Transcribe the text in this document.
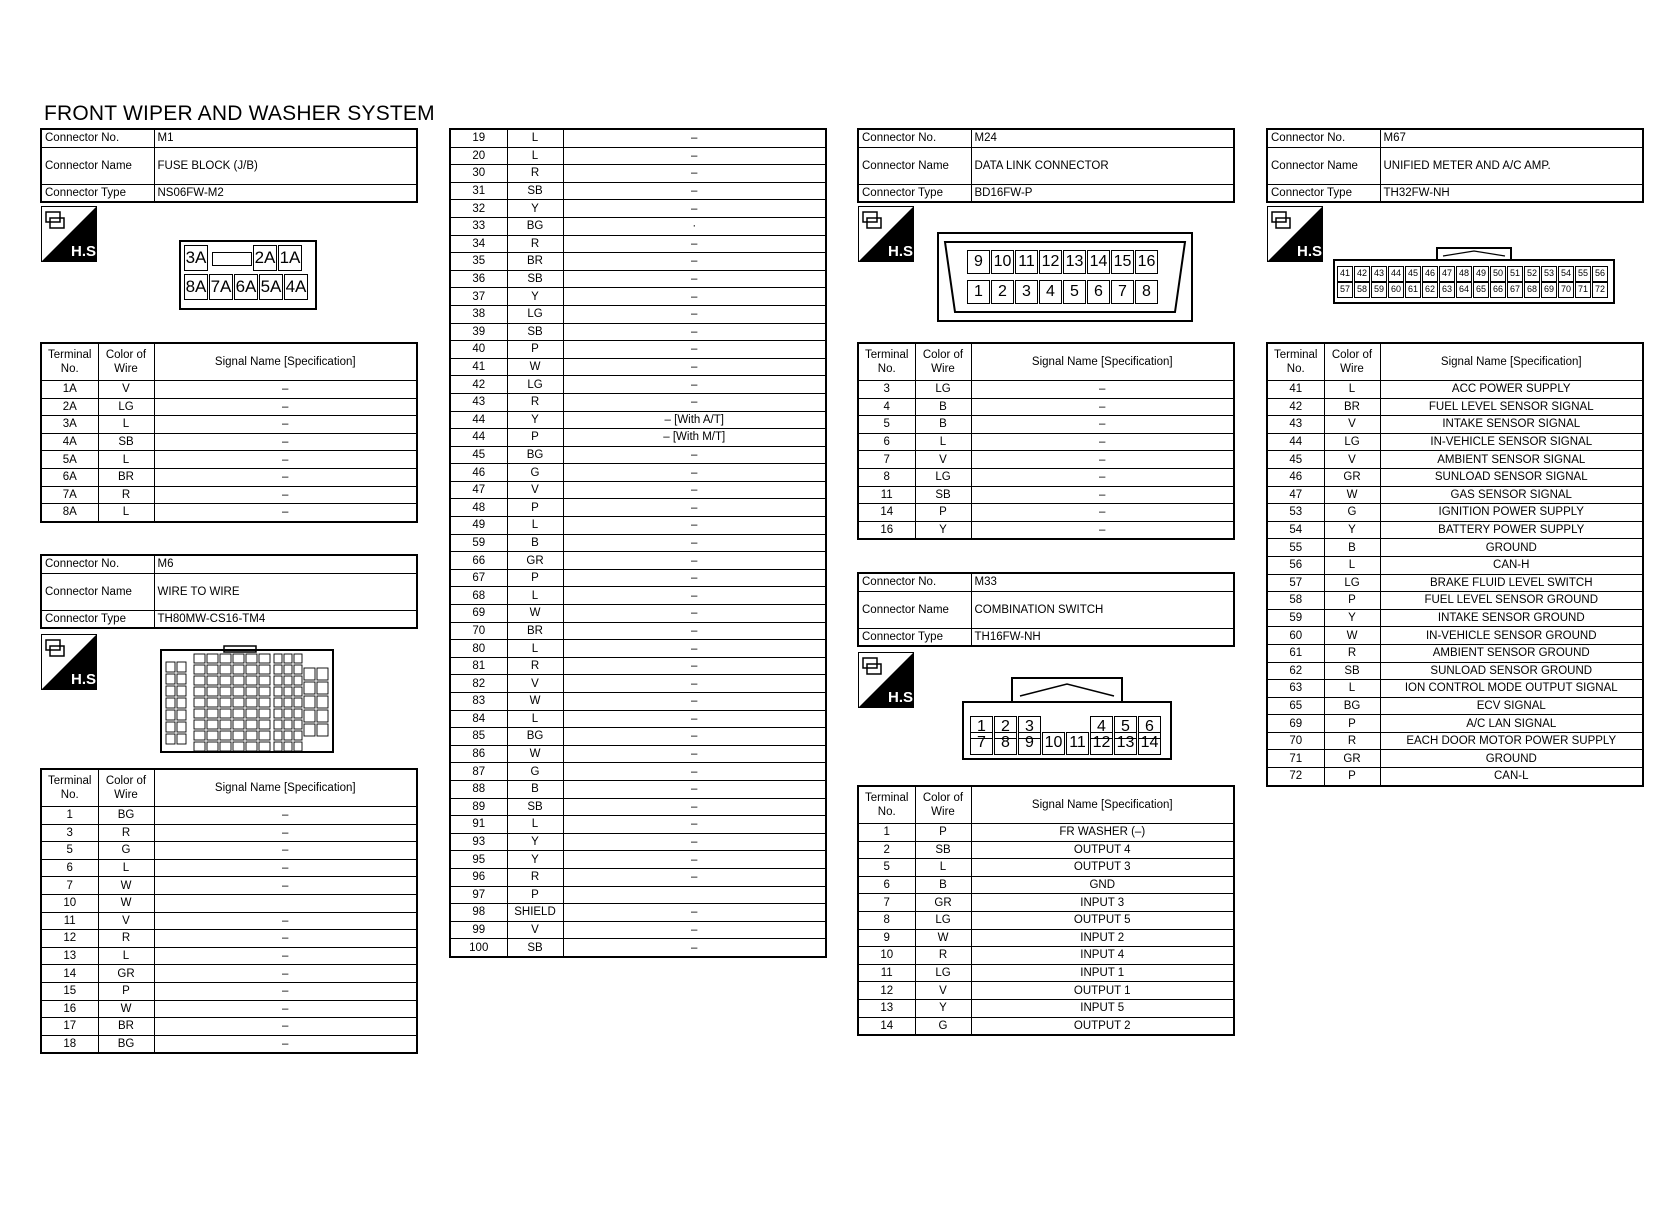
FRONT WIPER AND WASHER SYSTEM
Connector No.	M1
Connector Name	FUSE BLOCK (J/B)
Connector Type	NS06FW-M2
H.S.	3A	2A 1A
8A 7A 6A 5A 4A
Terminal No.	Color of Wire	Signal Name [Specification]
1A	V	–
2A	LG	–
3A	L	–
4A	SB	–
5A	L	–
6A	BR	–
7A	R	–
8A	L	–
Connector No.	M6
Connector Name	WIRE TO WIRE
Connector Type	TH80MW-CS16-TM4
H.S.
Terminal No.	Color of Wire	Signal Name [Specification]
1	BG	–
3	R	–
5	G	–
6	L	–
7	W	–
10	W	
11	V	–
12	R	–
13	L	–
14	GR	–
15	P	–
16	W	–
17	BR	–
18	BG	–
19	L	–
20	L	–
30	R	–
31	SB	–
32	Y	–
33	BG	·
34	R	–
35	BR	–
36	SB	–
37	Y	–
38	LG	–
39	SB	–
40	P	–
41	W	–
42	LG	–
43	R	–
44	Y	– [With A/T]
44	P	– [With M/T]
45	BG	–
46	G	–
47	V	–
48	P	–
49	L	–
59	B	–
66	GR	–
67	P	–
68	L	–
69	W	–
70	BR	–
80	L	–
81	R	–
82	V	–
83	W	–
84	L	–
85	BG	–
86	W	–
87	G	–
88	B	–
89	SB	–
91	L	–
93	Y	–
95	Y	–
96	R	–
97	P	
98	SHIELD	–
99	V	–
100	SB	–
Connector No.	M24
Connector Name	DATA LINK CONNECTOR
Connector Type	BD16FW-P
H.S.
9 10 11 12 13 14 15 16
1 2 3 4 5 6 7 8
Terminal No.	Color of Wire	Signal Name [Specification]
3	LG	–
4	B	–
5	B	–
6	L	–
7	V	–
8	LG	–
11	SB	–
14	P	–
16	Y	–
Connector No.	M33
Connector Name	COMBINATION SWITCH
Connector Type	TH16FW-NH
H.S.
1 2 3	4 5 6
7 8 9 10 11 12 13 14
Terminal No.	Color of Wire	Signal Name [Specification]
1	P	FR WASHER (–)
2	SB	OUTPUT 4
5	L	OUTPUT 3
6	B	GND
7	GR	INPUT 3
8	LG	OUTPUT 5
9	W	INPUT 2
10	R	INPUT 4
11	LG	INPUT 1
12	V	OUTPUT 1
13	Y	INPUT 5
14	G	OUTPUT 2
Connector No.	M67
Connector Name	UNIFIED METER AND A/C AMP.
Connector Type	TH32FW-NH
H.S.
41 42 43 44 45 46 47 48 49 50 51 52 53 54 55 56
57 58 59 60 61 62 63 64 65 66 67 68 69 70 71 72
Terminal No.	Color of Wire	Signal Name [Specification]
41	L	ACC POWER SUPPLY
42	BR	FUEL LEVEL SENSOR SIGNAL
43	V	INTAKE SENSOR SIGNAL
44	LG	IN-VEHICLE SENSOR SIGNAL
45	V	AMBIENT SENSOR SIGNAL
46	GR	SUNLOAD SENSOR SIGNAL
47	W	GAS SENSOR SIGNAL
53	G	IGNITION POWER SUPPLY
54	Y	BATTERY POWER SUPPLY
55	B	GROUND
56	L	CAN-H
57	LG	BRAKE FLUID LEVEL SWITCH
58	P	FUEL LEVEL SENSOR GROUND
59	Y	INTAKE SENSOR GROUND
60	W	IN-VEHICLE SENSOR GROUND
61	R	AMBIENT SENSOR GROUND
62	SB	SUNLOAD SENSOR GROUND
63	L	ION CONTROL MODE OUTPUT SIGNAL
65	BG	ECV SIGNAL
69	P	A/C LAN SIGNAL
70	R	EACH DOOR MOTOR POWER SUPPLY
71	GR	GROUND
72	P	CAN-L
